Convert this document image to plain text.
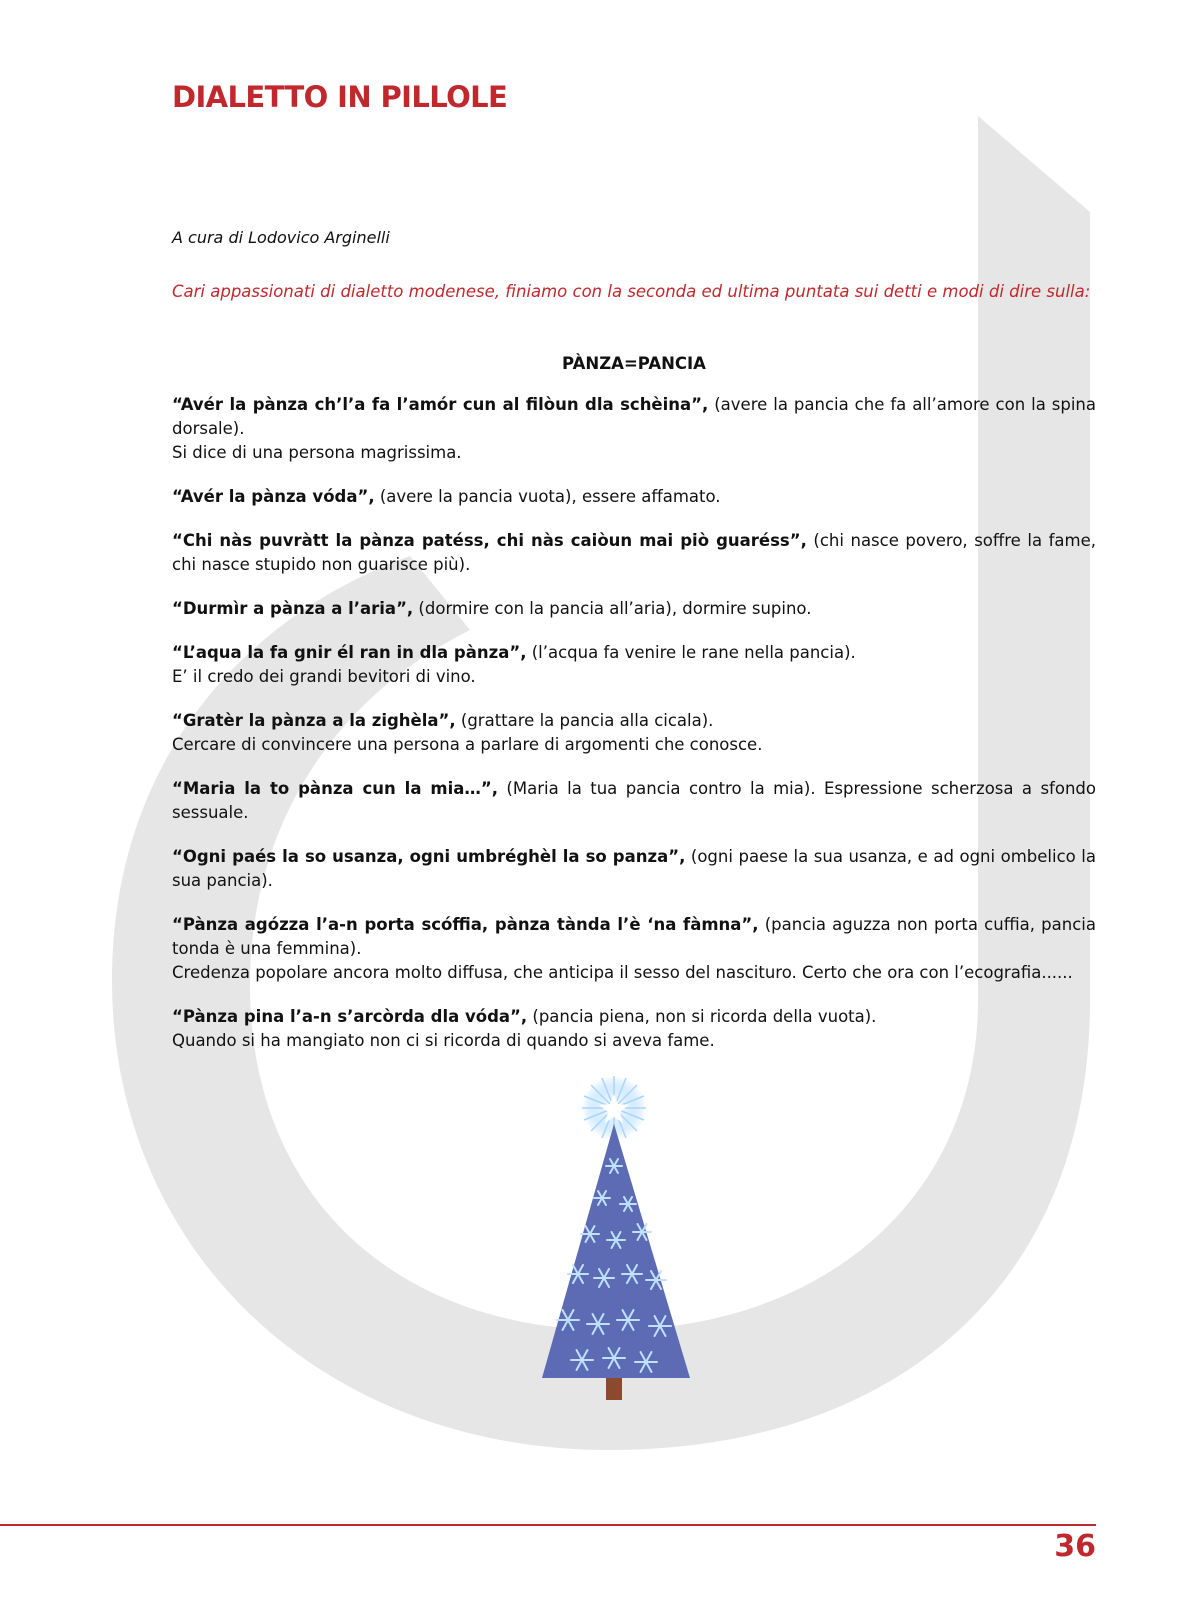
DIALETTO IN PILLOLE

A cura di Lodovico Arginelli

Cari appassionati di dialetto modenese, finiamo con la seconda ed ultima puntata sui detti e modi di dire sulla:

PÀNZA=PANCIA

“Avér la pànza ch’l’a fa l’amór cun al filòun dla schèina”, (avere la pancia che fa all’amore con la spina dorsale).
Si dice di una persona magrissima.

“Avér la pànza vóda”, (avere la pancia vuota), essere affamato.

“Chi nàs puvràtt la pànza patéss, chi nàs caiòun mai piò guaréss”, (chi nasce povero, soffre la fame, chi nasce stupido non guarisce più).

“Durmìr a pànza a l’aria”, (dormire con la pancia all’aria), dormire supino.

“L’aqua la fa gnir él ran in dla pànza”, (l’acqua fa venire le rane nella pancia).
E’ il credo dei grandi bevitori di vino.

“Gratèr la pànza a la zighèla”, (grattare la pancia alla cicala).
Cercare di convincere una persona a parlare di argomenti che conosce.

“Maria la to pànza cun la mia…”, (Maria la tua pancia contro la mia). Espressione scherzosa a sfondo sessuale.

“Ogni paés la so usanza, ogni umbréghèl la so panza”, (ogni paese la sua usanza, e ad ogni ombelico la sua pancia).

“Pànza agózza l’a-n porta scóffia, pànza tànda l’è ‘na fàmna”, (pancia aguzza non porta cuffia, pancia tonda è una femmina).
Credenza popolare ancora molto diffusa, che anticipa il sesso del nascituro. Certo che ora con l’ecografia......

“Pànza pina l’a-n s’arcòrda dla vóda”, (pancia piena, non si ricorda della vuota).
Quando si ha mangiato non ci si ricorda di quando si aveva fame.

36
